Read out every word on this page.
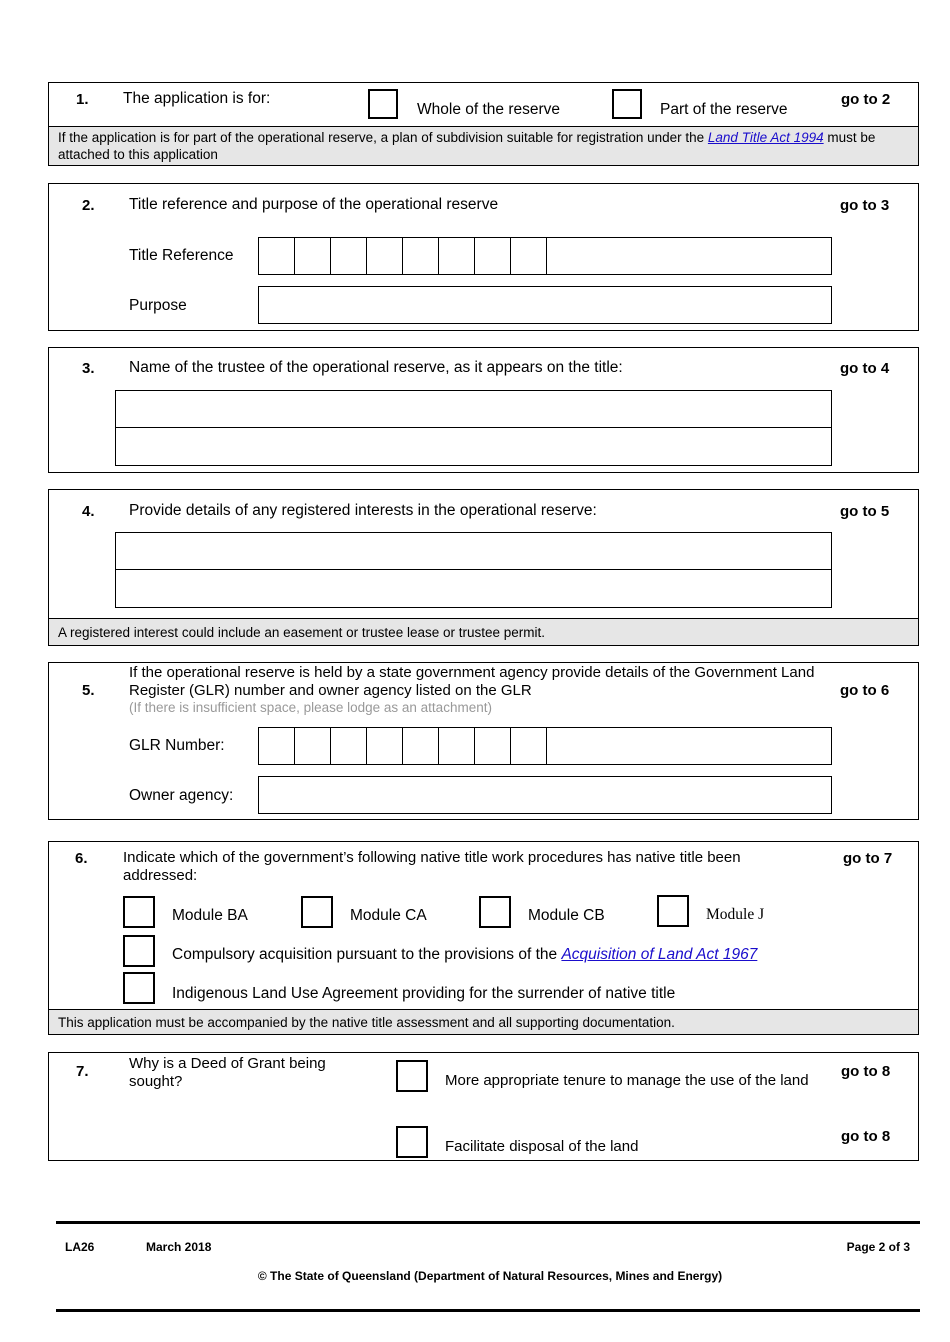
1. The application is for:
Whole of the reserve	Part of the reserve
go to 2
If the application is for part of the operational reserve, a plan of subdivision suitable for registration under the Land Title Act 1994 must be attached to this application
2. Title reference and purpose of the operational reserve	go to 3
Title Reference
Purpose
3. Name of the trustee of the operational reserve, as it appears on the title:	go to 4
4. Provide details of any registered interests in the operational reserve:	go to 5
A registered interest could include an easement or trustee lease or trustee permit.
5.
If the operational reserve is held by a state government agency provide details of the Government Land Register (GLR) number and owner agency listed on the GLR
(If there is insufficient space, please lodge as an attachment)
go to 6
GLR Number:
Owner agency:
6. Indicate which of the government’s following native title work procedures has native title been addressed:
go to 7
Module BA	Module CA	Module CB	Module J
Compulsory acquisition pursuant to the provisions of the Acquisition of Land Act 1967
Indigenous Land Use Agreement providing for the surrender of native title
This application must be accompanied by the native title assessment and all supporting documentation.
7.	Why is a Deed of Grant being sought?	More appropriate tenure to manage the use of the land
go to 8
Facilitate disposal of the land
go to 8
LA26	March 2018	Page 2 of 3
© The State of Queensland (Department of Natural Resources, Mines and Energy)
